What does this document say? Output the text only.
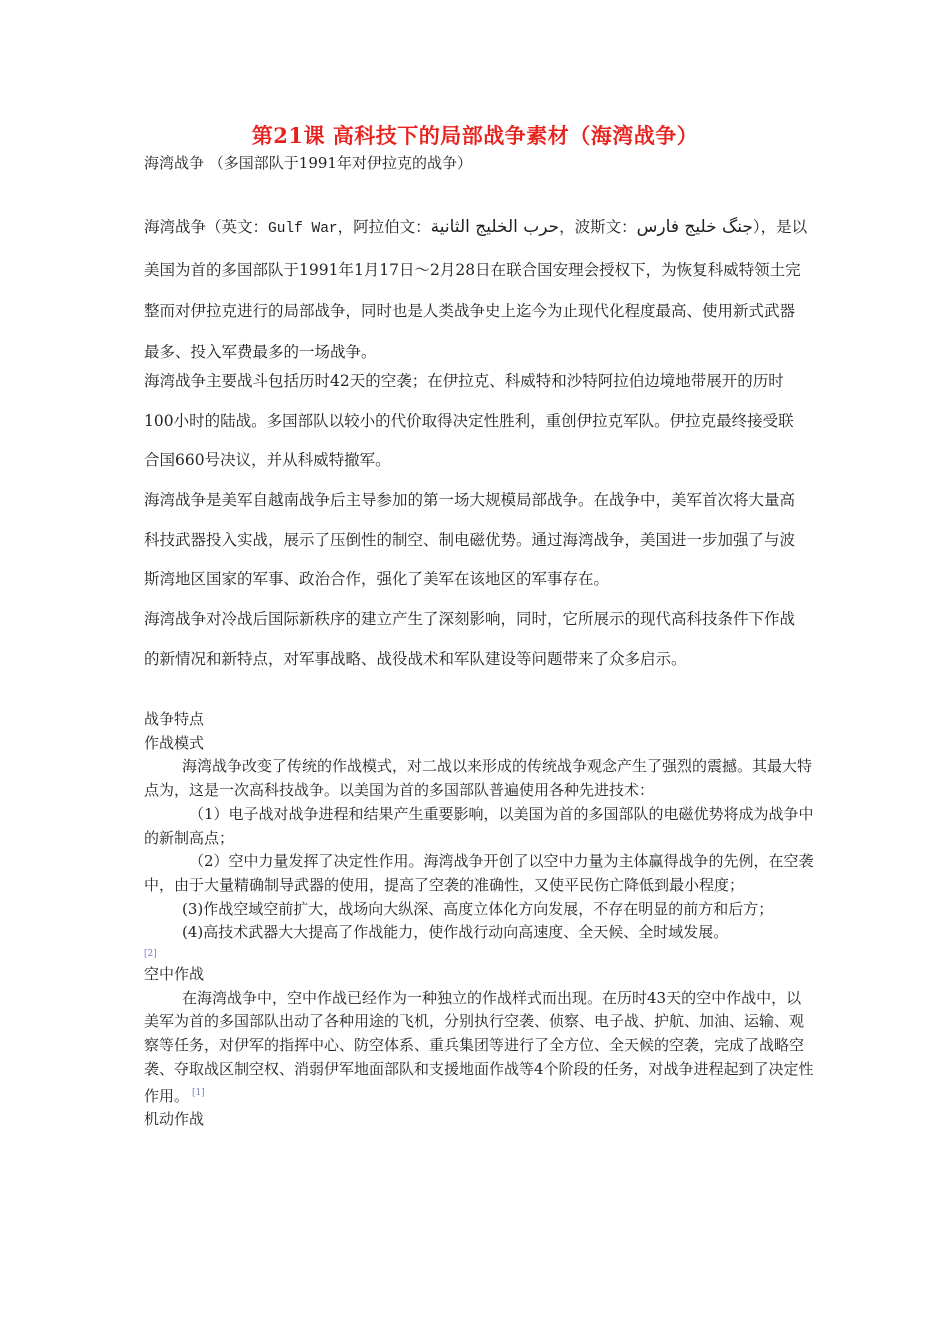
第21课 高科技下的局部战争素材（海湾战争）
海湾战争 （多国部队于1991年对伊拉克的战争）

海湾战争（英文：Gulf War，阿拉伯文：حرب الخليج الثانية，波斯文：جنگ خلیج فارس），是以美国为首的多国部队于1991年1月17日～2月28日在联合国安理会授权下，为恢复科威特领土完整而对伊拉克进行的局部战争，同时也是人类战争史上迄今为止现代化程度最高、使用新式武器最多、投入军费最多的一场战争。

海湾战争主要战斗包括历时42天的空袭；在伊拉克、科威特和沙特阿拉伯边境地带展开的历时100小时的陆战。多国部队以较小的代价取得决定性胜利，重创伊拉克军队。伊拉克最终接受联合国660号决议，并从科威特撤军。

海湾战争是美军自越南战争后主导参加的第一场大规模局部战争。在战争中，美军首次将大量高科技武器投入实战，展示了压倒性的制空、制电磁优势。通过海湾战争，美国进一步加强了与波斯湾地区国家的军事、政治合作，强化了美军在该地区的军事存在。

海湾战争对冷战后国际新秩序的建立产生了深刻影响，同时，它所展示的现代高科技条件下作战的新情况和新特点，对军事战略、战役战术和军队建设等问题带来了众多启示。

战争特点

作战模式

海湾战争改变了传统的作战模式，对二战以来形成的传统战争观念产生了强烈的震撼。其最大特点为，这是一次高科技战争。以美国为首的多国部队普遍使用各种先进技术：

（1）电子战对战争进程和结果产生重要影响，以美国为首的多国部队的电磁优势将成为战争中的新制高点；

（2）空中力量发挥了决定性作用。海湾战争开创了以空中力量为主体赢得战争的先例，在空袭中，由于大量精确制导武器的使用，提高了空袭的准确性，又使平民伤亡降低到最小程度；

(3)作战空域空前扩大，战场向大纵深、高度立体化方向发展，不存在明显的前方和后方；

(4)高技术武器大大提高了作战能力，使作战行动向高速度、全天候、全时域发展。

[2]

空中作战

在海湾战争中，空中作战已经作为一种独立的作战样式而出现。在历时43天的空中作战中，以美军为首的多国部队出动了各种用途的飞机，分别执行空袭、侦察、电子战、护航、加油、运输、观察等任务，对伊军的指挥中心、防空体系、重兵集团等进行了全方位、全天候的空袭，完成了战略空袭、夺取战区制空权、消弱伊军地面部队和支援地面作战等4个阶段的任务，对战争进程起到了决定性作用。 [1]

机动作战
